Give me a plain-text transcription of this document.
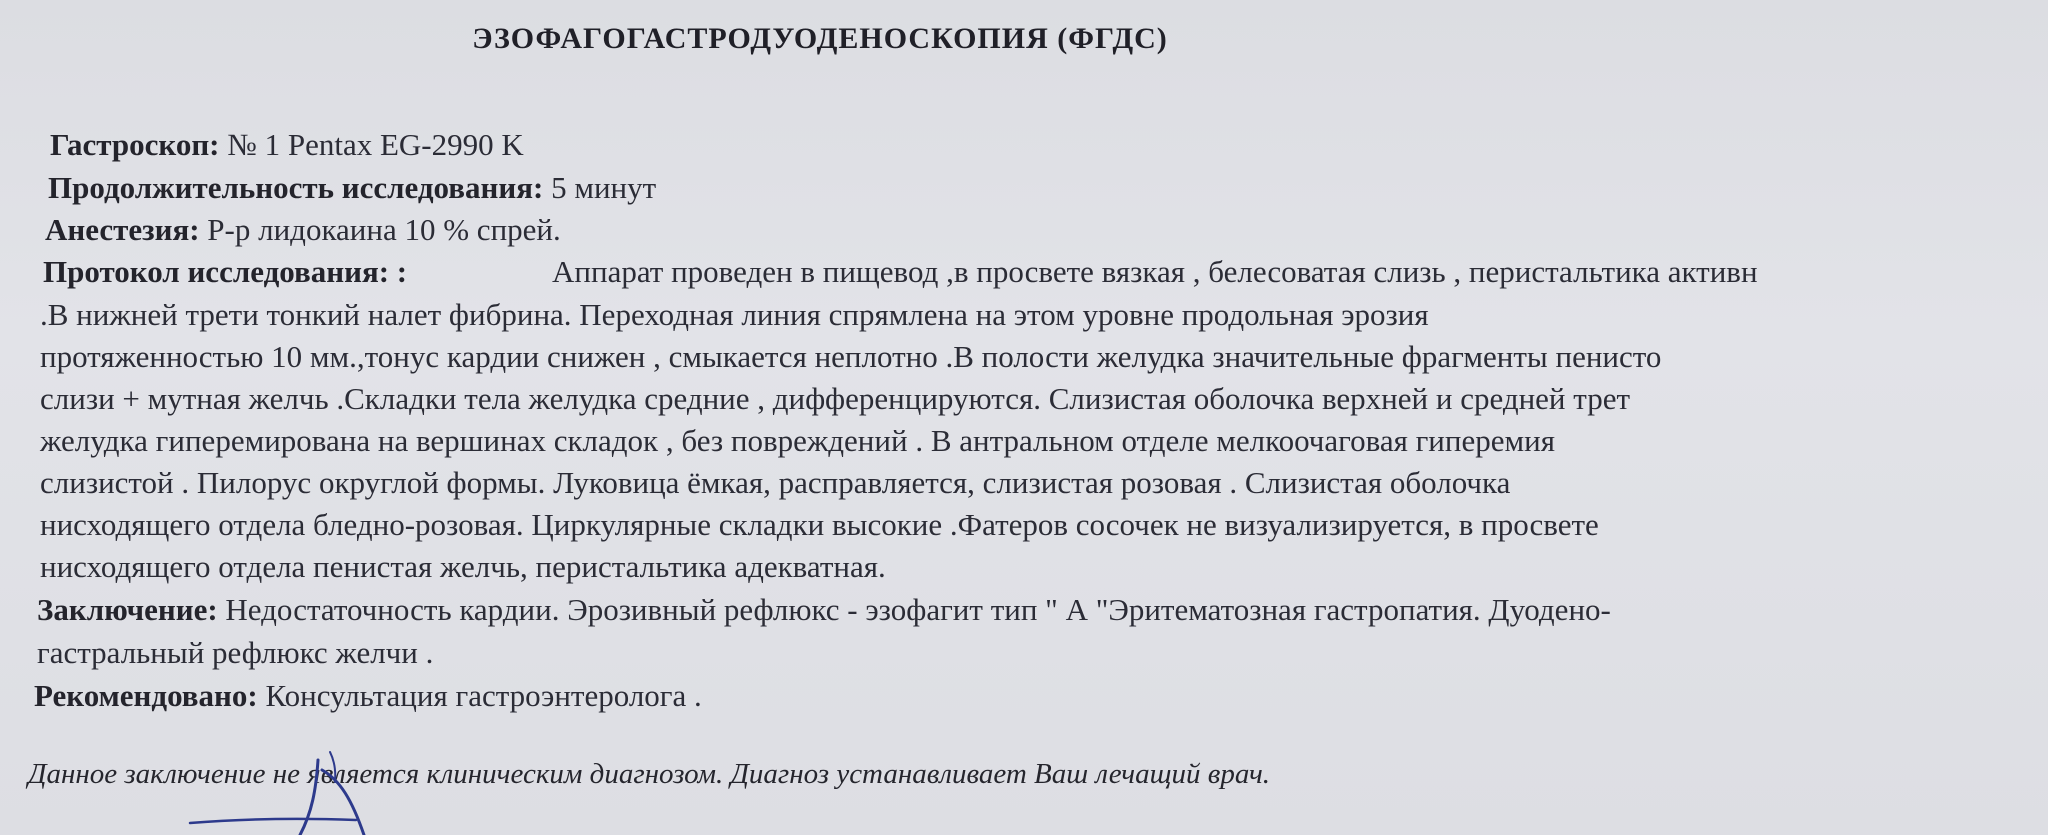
ЭЗОФАГОГАСТРОДУОДЕНОСКОПИЯ (ФГДС)
Гастроскоп: № 1 Pentax EG-2990 K
Продолжительность исследования: 5 минут
Анестезия: Р-р лидокаина 10 % спрей.
Протокол исследования: :	Аппарат проведен в пищевод ,в просвете вязкая , белесоватая слизь , перистальтика активн
.В нижней трети тонкий налет фибрина. Переходная линия спрямлена на этом уровне продольная эрозия
протяженностью 10 мм.,тонус кардии снижен , смыкается неплотно .В полости желудка значительные фрагменты пенисто
слизи + мутная желчь .Складки тела желудка средние , дифференцируются. Слизистая оболочка верхней и средней трет
желудка гиперемирована на вершинах складок , без повреждений . В антральном отделе мелкоочаговая гиперемия
слизистой . Пилорус округлой формы. Луковица ёмкая, расправляется, слизистая розовая . Слизистая оболочка
нисходящего отдела бледно-розовая. Циркулярные складки высокие .Фатеров сосочек не визуализируется, в просвете
нисходящего отдела пенистая желчь, перистальтика адекватная.
Заключение: Недостаточность кардии. Эрозивный рефлюкс - эзофагит тип " А "Эритематозная гастропатия. Дуодено-
гастральный рефлюкс желчи .
Рекомендовано: Консультация гастроэнтеролога .
Данное заключение не является клиническим диагнозом. Диагноз устанавливает Ваш лечащий врач.
